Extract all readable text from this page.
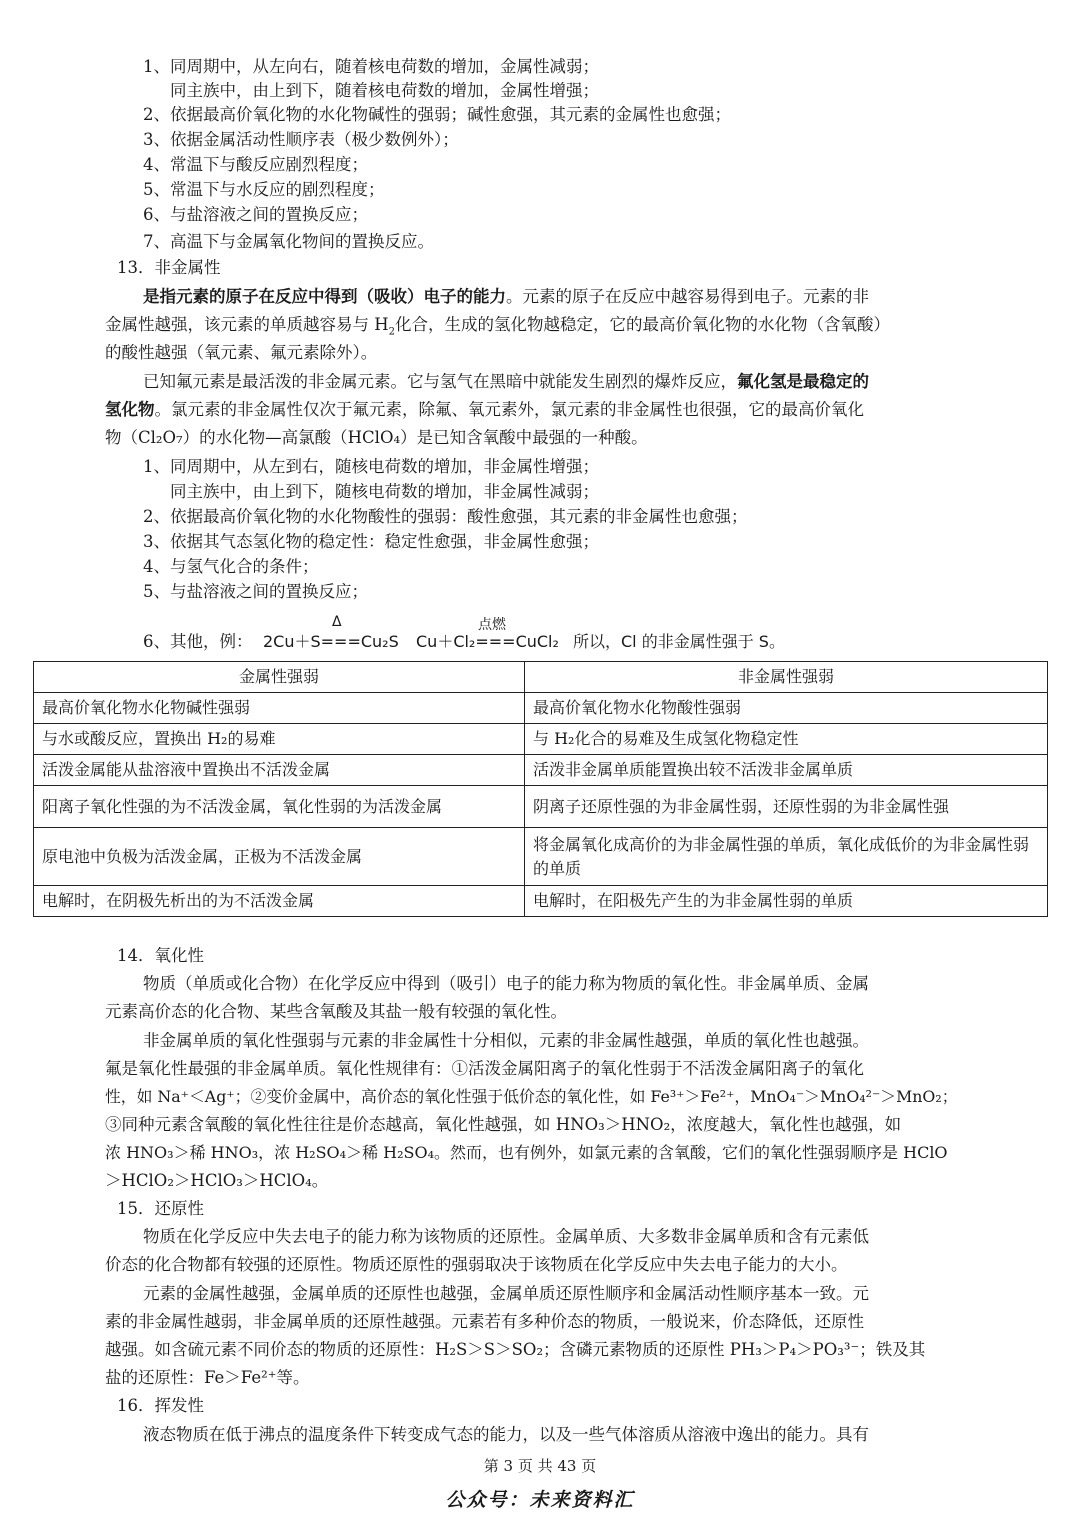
1、同周期中，从左向右，随着核电荷数的增加，金属性减弱；
同主族中，由上到下，随着核电荷数的增加，金属性增强；
2、依据最高价氧化物的水化物碱性的强弱；碱性愈强，其元素的金属性也愈强；
3、依据金属活动性顺序表（极少数例外）；
4、常温下与酸反应剧烈程度；
5、常温下与水反应的剧烈程度；
6、与盐溶液之间的置换反应；
7、高温下与金属氧化物间的置换反应。
13．非金属性
是指元素的原子在反应中得到（吸收）电子的能力。元素的原子在反应中越容易得到电子。元素的非
金属性越强，该元素的单质越容易与 $H_2$化合，生成的氢化物越稳定，它的最高价氧化物的水化物（含氧酸）
的酸性越强（氧元素、氟元素除外）。
已知氟元素是最活泼的非金属元素。它与氢气在黑暗中就能发生剧烈的爆炸反应，氟化氢是最稳定的
氢化物。氯元素的非金属性仅次于氟元素，除氟、氧元素外，氯元素的非金属性也很强，它的最高价氧化
物（Cl₂O₇）的水化物—高氯酸（HClO₄）是已知含氧酸中最强的一种酸。
1、同周期中，从左到右，随核电荷数的增加，非金属性增强；
同主族中，由上到下，随核电荷数的增加，非金属性减弱；
2、依据最高价氧化物的水化物酸性的强弱：酸性愈强，其元素的非金属性也愈强；
3、依据其气态氢化物的稳定性：稳定性愈强，非金属性愈强；
4、与氢气化合的条件；
5、与盐溶液之间的置换反应；
6、其他，例：
Δ
2Cu＋S===Cu₂S
点燃
Cu＋Cl₂===CuCl₂ 所以，Cl 的非金属性强于 S。
金属性强弱	非金属性强弱
最高价氧化物水化物碱性强弱	最高价氧化物水化物酸性强弱
与水或酸反应，置换出 H₂的易难	与 H₂化合的易难及生成氢化物稳定性
活泼金属能从盐溶液中置换出不活泼金属	活泼非金属单质能置换出较不活泼非金属单质
阳离子氧化性强的为不活泼金属，氧化性弱的为活泼金属	阴离子还原性强的为非金属性弱，还原性弱的为非金属性强
原电池中负极为活泼金属，正极为不活泼金属	将金属氧化成高价的为非金属性强的单质，氧化成低价的为非金属性弱的单质
电解时，在阴极先析出的为不活泼金属	电解时，在阳极先产生的为非金属性弱的单质
14．氧化性
物质（单质或化合物）在化学反应中得到（吸引）电子的能力称为物质的氧化性。非金属单质、金属
元素高价态的化合物、某些含氧酸及其盐一般有较强的氧化性。
非金属单质的氧化性强弱与元素的非金属性十分相似，元素的非金属性越强，单质的氧化性也越强。
氟是氧化性最强的非金属单质。氧化性规律有：①活泼金属阳离子的氧化性弱于不活泼金属阳离子的氧化
性，如 Na⁺＜Ag⁺；②变价金属中，高价态的氧化性强于低价态的氧化性，如 Fe³⁺＞Fe²⁺，MnO₄⁻＞MnO₄²⁻＞MnO₂；
③同种元素含氧酸的氧化性往往是价态越高，氧化性越强，如 HNO₃＞HNO₂，浓度越大，氧化性也越强，如
浓 HNO₃＞稀 HNO₃，浓 H₂SO₄＞稀 H₂SO₄。然而，也有例外，如氯元素的含氧酸，它们的氧化性强弱顺序是 HClO
＞HClO₂＞HClO₃＞HClO₄。
15．还原性
物质在化学反应中失去电子的能力称为该物质的还原性。金属单质、大多数非金属单质和含有元素低
价态的化合物都有较强的还原性。物质还原性的强弱取决于该物质在化学反应中失去电子能力的大小。
元素的金属性越强，金属单质的还原性也越强，金属单质还原性顺序和金属活动性顺序基本一致。元
素的非金属性越弱，非金属单质的还原性越强。元素若有多种价态的物质，一般说来，价态降低，还原性
越强。如含硫元素不同价态的物质的还原性：H₂S＞S＞SO₂；含磷元素物质的还原性 PH₃＞P₄＞PO₃³⁻；铁及其
盐的还原性：Fe＞Fe²⁺等。
16．挥发性
液态物质在低于沸点的温度条件下转变成气态的能力，以及一些气体溶质从溶液中逸出的能力。具有
第 3 页 共 43 页
公众号：未来资料汇
